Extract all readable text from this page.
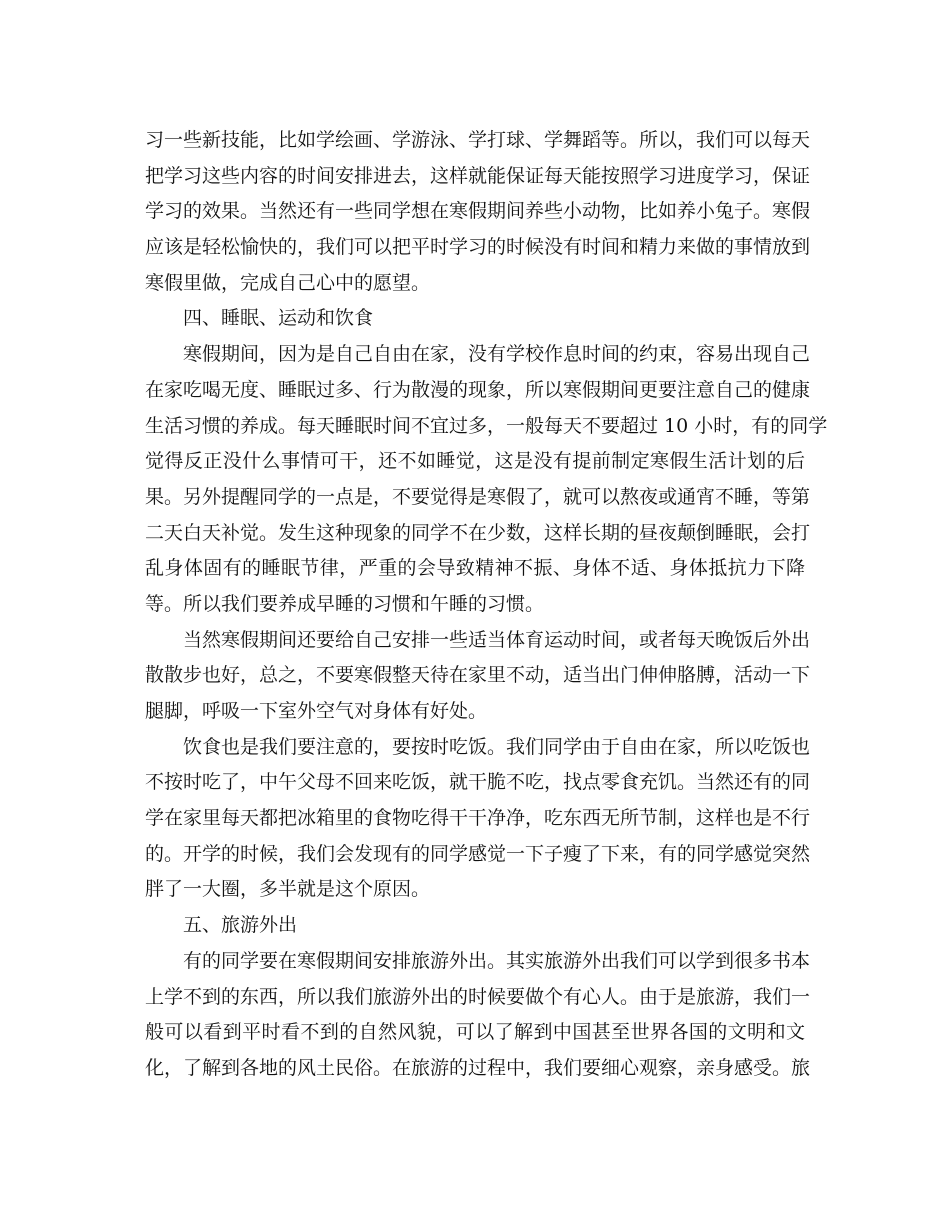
习一些新技能，比如学绘画、学游泳、学打球、学舞蹈等。所以，我们可以每天
把学习这些内容的时间安排进去，这样就能保证每天能按照学习进度学习，保证
学习的效果。当然还有一些同学想在寒假期间养些小动物，比如养小兔子。寒假
应该是轻松愉快的，我们可以把平时学习的时候没有时间和精力来做的事情放到
寒假里做，完成自己心中的愿望。
四、睡眠、运动和饮食
寒假期间，因为是自己自由在家，没有学校作息时间的约束，容易出现自己
在家吃喝无度、睡眠过多、行为散漫的现象，所以寒假期间更要注意自己的健康
生活习惯的养成。每天睡眠时间不宜过多，一般每天不要超过 10 小时，有的同学
觉得反正没什么事情可干，还不如睡觉，这是没有提前制定寒假生活计划的后
果。另外提醒同学的一点是，不要觉得是寒假了，就可以熬夜或通宵不睡，等第
二天白天补觉。发生这种现象的同学不在少数，这样长期的昼夜颠倒睡眠，会打
乱身体固有的睡眠节律，严重的会导致精神不振、身体不适、身体抵抗力下降
等。所以我们要养成早睡的习惯和午睡的习惯。
当然寒假期间还要给自己安排一些适当体育运动时间，或者每天晚饭后外出
散散步也好，总之，不要寒假整天待在家里不动，适当出门伸伸胳膊，活动一下
腿脚，呼吸一下室外空气对身体有好处。
饮食也是我们要注意的，要按时吃饭。我们同学由于自由在家，所以吃饭也
不按时吃了，中午父母不回来吃饭，就干脆不吃，找点零食充饥。当然还有的同
学在家里每天都把冰箱里的食物吃得干干净净，吃东西无所节制，这样也是不行
的。开学的时候，我们会发现有的同学感觉一下子瘦了下来，有的同学感觉突然
胖了一大圈，多半就是这个原因。
五、旅游外出
有的同学要在寒假期间安排旅游外出。其实旅游外出我们可以学到很多书本
上学不到的东西，所以我们旅游外出的时候要做个有心人。由于是旅游，我们一
般可以看到平时看不到的自然风貌，可以了解到中国甚至世界各国的文明和文
化，了解到各地的风土民俗。在旅游的过程中，我们要细心观察，亲身感受。旅
